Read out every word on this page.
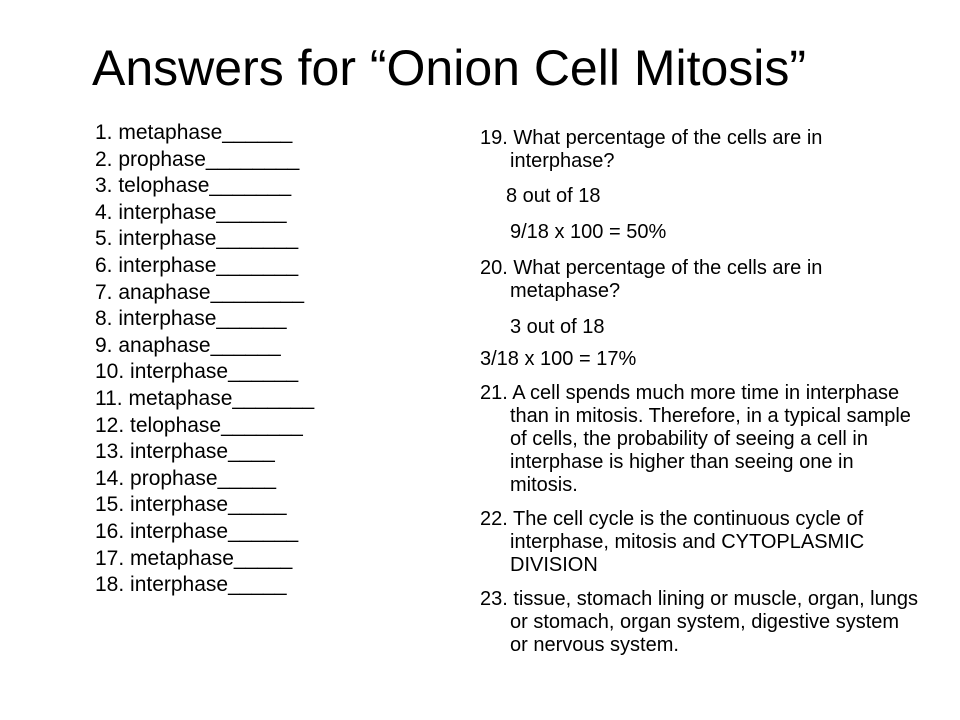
Answers for “Onion Cell Mitosis”
1. metaphase______
2. prophase________
3. telophase_______
4. interphase______
5. interphase_______
6. interphase_______
7. anaphase________
8. interphase______
9. anaphase______
10. interphase______
11. metaphase_______
12. telophase_______
13. interphase____
14. prophase_____
15. interphase_____
16. interphase______
17. metaphase_____
18. interphase_____

19. What percentage of the cells are in interphase?

8 out of 18

9/18 x 100 = 50%

20. What percentage of the cells are in metaphase?

3 out of 18

3/18 x 100 = 17%

21. A cell spends much more time in interphase than in mitosis. Therefore, in a typical sample of cells, the probability of seeing a cell in interphase is higher than seeing one in mitosis.

22. The cell cycle is the continuous cycle of interphase, mitosis and CYTOPLASMIC DIVISION

23. tissue, stomach lining or muscle, organ, lungs or stomach, organ system, digestive system or nervous system.
